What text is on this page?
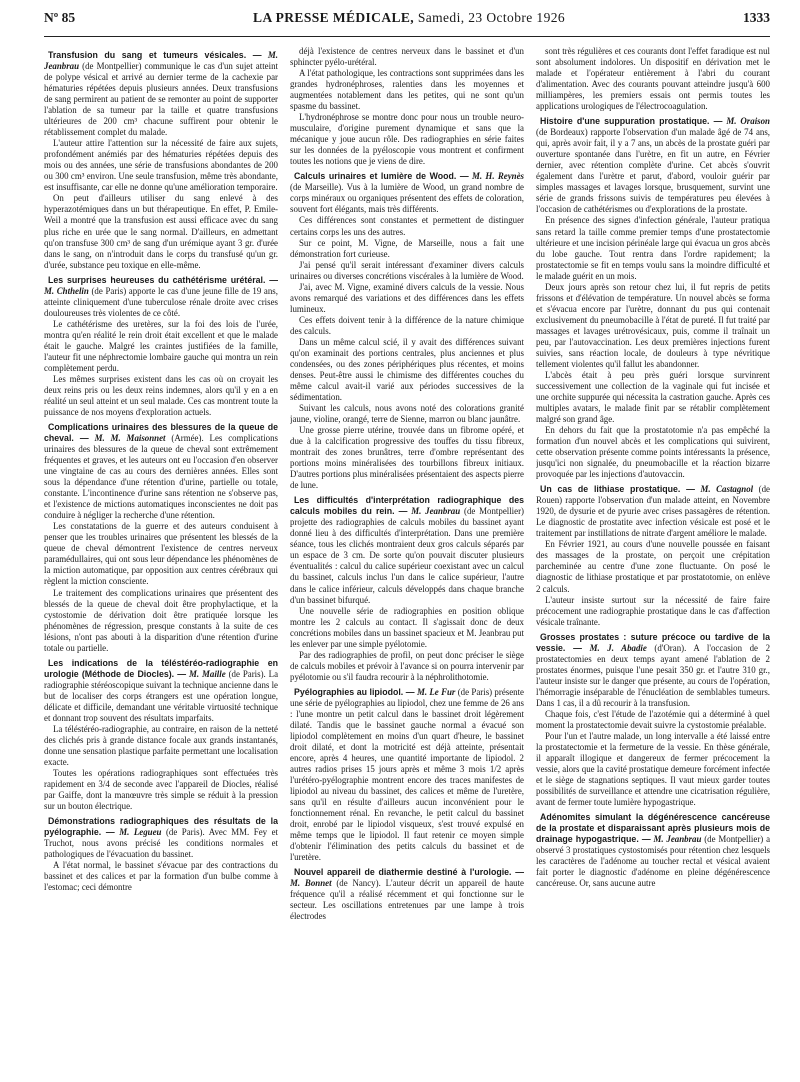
Nº 85	LA PRESSE MÉDICALE, Samedi, 23 Octobre 1926	1333

Transfusion du sang et tumeurs vésicales. — M. Jeanbrau (de Montpellier) communique le cas d'un sujet atteint de polype vésical et arrivé au dernier terme de la cachexie par hématuries répétées depuis plusieurs années. Deux transfusions de sang permirent au patient de se remonter au point de supporter l'ablation de sa tumeur par la taille et quatre transfusions ultérieures de 200 cm³ chacune suffirent pour obtenir le rétablissement complet du malade.

L'auteur attire l'attention sur la nécessité de faire aux sujets, profondément anémiés par des hématuries répétées depuis des mois ou des années, une série de transfusions abondantes de 200 ou 300 cm³ environ. Une seule transfusion, même très abondante, est insuffisante, car elle ne donne qu'une amélioration temporaire.

On peut d'ailleurs utiliser du sang enlevé à des hyperazotémiques dans un but thérapeutique. En effet, P. Emile-Weil a montré que la transfusion est aussi efficace avec du sang plus riche en urée que le sang normal. D'ailleurs, en admettant qu'on transfuse 300 cm³ de sang d'un urémique ayant 3 gr. d'urée dans le sang, on n'introduit dans le corps du transfusé qu'un gr. d'urée, substance peu toxique en elle-même.

Les surprises heureuses du cathétérisme urétéral. — M. Chthelin (de Paris) apporte le cas d'une jeune fille de 19 ans, atteinte cliniquement d'une tuberculose rénale droite avec crises douloureuses très violentes de ce côté.

Le cathétérisme des uretères, sur la foi des lois de l'urée, montra qu'en réalité le rein droit était excellent et que le malade était le gauche. Malgré les craintes justifiées de la famille, l'auteur fit une néphrectomie lombaire gauche qui montra un rein complètement perdu.

Les mêmes surprises existent dans les cas où on croyait les deux reins pris ou les deux reins indemnes, alors qu'il y en a en réalité un seul atteint et un seul malade. Ces cas montrent toute la puissance de nos moyens d'exploration actuels.

Complications urinaires des blessures de la queue de cheval. — M. M. Maisonnet (Armée). Les complications urinaires des blessures de la queue de cheval sont extrêmement fréquentes et graves, et les auteurs ont eu l'occasion d'en observer une vingtaine de cas au cours des dernières années. Elles sont sous la dépendance d'une rétention d'urine, partielle ou totale, constante. L'incontinence d'urine sans rétention ne s'observe pas, et l'existence de mictions automatiques inconscientes ne doit pas conduire à négliger la recherche d'une rétention.

Les constatations de la guerre et des auteurs conduisent à penser que les troubles urinaires que présentent les blessés de la queue de cheval démontrent l'existence de centres nerveux paramédullaires, qui ont sous leur dépendance les phénomènes de la miction automatique, par opposition aux centres cérébraux qui règlent la miction consciente.

Le traitement des complications urinaires que présentent des blessés de la queue de cheval doit être prophylactique, et la cystostomie de dérivation doit être pratiquée lorsque les phénomènes de régression, presque constants à la suite de ces lésions, n'ont pas abouti à la disparition d'une rétention d'urine totale ou partielle.

Les indications de la téléstéréo-radiographie en urologie (Méthode de Diocles). — M. Maille (de Paris). La radiographie stéréoscopique suivant la technique ancienne dans le but de localiser des corps étrangers est une opération longue, délicate et difficile, demandant une véritable virtuosité technique et donnant trop souvent des résultats imparfaits.

La téléstéréo-radiographie, au contraire, en raison de la netteté des clichés pris à grande distance focale aux grands instantanés, donne une sensation plastique parfaite permettant une localisation exacte.

Toutes les opérations radiographiques sont effectuées très rapidement en 3/4 de seconde avec l'appareil de Diocles, réalisé par Gaiffe, dont la manœuvre très simple se réduit à la pression sur un bouton électrique.

Démonstrations radiographiques des résultats de la pyélographie. — M. Legueu (de Paris). Avec MM. Fey et Truchot, nous avons précisé les conditions normales et pathologiques de l'évacuation du bassinet.

A l'état normal, le bassinet s'évacue par des contractions du bassinet et des calices et par la formation d'un bulbe comme à l'estomac; ceci démontre

déjà l'existence de centres nerveux dans le bassinet et d'un sphincter pyélo-urétéral.

A l'état pathologique, les contractions sont supprimées dans les grandes hydronéphroses, ralenties dans les moyennes et augmentées notablement dans les petites, qui ne sont qu'un spasme du bassinet.

L'hydronéphrose se montre donc pour nous un trouble neuro-musculaire, d'origine purement dynamique et sans que la mécanique y joue aucun rôle. Des radiographies en série faites sur les données de la pyéloscopie vous montrent et confirment toutes les notions que je viens de dire.

Calculs urinaires et lumière de Wood. — M. H. Reynès (de Marseille). Vus à la lumière de Wood, un grand nombre de corps minéraux ou organiques présentent des effets de coloration, souvent fort élégants, mais très différents.

Ces différences sont constantes et permettent de distinguer certains corps les uns des autres.

Sur ce point, M. Vigne, de Marseille, nous a fait une démonstration fort curieuse.

J'ai pensé qu'il serait intéressant d'examiner divers calculs urinaires ou diverses concrétions viscérales à la lumière de Wood.

J'ai, avec M. Vigne, examiné divers calculs de la vessie. Nous avons remarqué des variations et des différences dans les effets lumineux.

Ces effets doivent tenir à la différence de la nature chimique des calculs.

Dans un même calcul scié, il y avait des différences suivant qu'on examinait des portions centrales, plus anciennes et plus condensées, ou des zones périphériques plus récentes, et moins denses. Peut-être aussi le chimisme des différentes couches du même calcul avait-il varié aux périodes successives de la sédimentation.

Suivant les calculs, nous avons noté des colorations granité jaune, violine, orangé, terre de Sienne, marron ou blanc jaunâtre.

Une grosse pierre utérine, trouvée dans un fibrome opéré, et due à la calcification progressive des touffes du tissu fibreux, montrait des zones brunâtres, terre d'ombre représentant des portions moins minéralisées des tourbillons fibreux initiaux. D'autres portions plus minéralisées présentaient des aspects pierre de lune.

Les difficultés d'interprétation radiographique des calculs mobiles du rein. — M. Jeanbrau (de Montpellier) projette des radiographies de calculs mobiles du bassinet ayant donné lieu à des difficultés d'interprétation. Dans une première séance, tous les clichés montraient deux gros calculs séparés par un espace de 3 cm. De sorte qu'on pouvait discuter plusieurs éventualités : calcul du calice supérieur coexistant avec un calcul du bassinet, calculs inclus l'un dans le calice supérieur, l'autre dans le calice inférieur, calculs développés dans chaque branche d'un bassinet bifurqué.

Une nouvelle série de radiographies en position oblique montre les 2 calculs au contact. Il s'agissait donc de deux concrétions mobiles dans un bassinet spacieux et M. Jeanbrau put les enlever par une simple pyélotomie.

Par des radiographies de profil, on peut donc préciser le siège de calculs mobiles et prévoir à l'avance si on pourra intervenir par pyélotomie ou s'il faudra recourir à la néphrolithotomie.

Pyélographies au lipiodol. — M. Le Fur (de Paris) présente une série de pyélographies au lipiodol, chez une femme de 26 ans : l'une montre un petit calcul dans le bassinet droit légèrement dilaté. Tandis que le bassinet gauche normal a évacué son lipiodol complètement en moins d'un quart d'heure, le bassinet droit dilaté, et dont la motricité est déjà atteinte, présentait encore, après 4 heures, une quantité importante de lipiodol. 2 autres radios prises 15 jours après et même 3 mois 1/2 après l'urétéro-pyélographie montrent encore des traces manifestes de lipiodol au niveau du bassinet, des calices et même de l'uretère, sans qu'il en résulte d'ailleurs aucun inconvénient pour le fonctionnement rénal. En revanche, le petit calcul du bassinet droit, enrobé par le lipiodol visqueux, s'est trouvé expulsé en même temps que le lipiodol. Il faut retenir ce moyen simple d'obtenir l'élimination des petits calculs du bassinet et de l'uretère.

Nouvel appareil de diathermie destiné à l'urologie. — M. Bonnet (de Nancy). L'auteur décrit un appareil de haute fréquence qu'il a réalisé récemment et qui fonctionne sur le secteur. Les oscillations entretenues par une lampe à trois électrodes

sont très régulières et ces courants dont l'effet faradique est nul sont absolument indolores. Un dispositif en dérivation met le malade et l'opérateur entièrement à l'abri du courant d'alimentation. Avec des courants pouvant atteindre jusqu'à 600 milliampères, les premiers essais ont permis toutes les applications urologiques de l'électrocoagulation.

Histoire d'une suppuration prostatique. — M. Oraison (de Bordeaux) rapporte l'observation d'un malade âgé de 74 ans, qui, après avoir fait, il y a 7 ans, un abcès de la prostate guéri par ouverture spontanée dans l'urètre, en fit un autre, en Février dernier, avec rétention complète d'urine. Cet abcès s'ouvrit également dans l'urètre et parut, d'abord, vouloir guérir par simples massages et lavages lorsque, brusquement, survint une série de grands frissons suivis de températures peu élevées à l'occasion de cathétérismes ou d'explorations de la prostate.

En présence des signes d'infection générale, l'auteur pratiqua sans retard la taille comme premier temps d'une prostatectomie ultérieure et une incision périnéale large qui évacua un gros abcès du lobe gauche. Tout rentra dans l'ordre rapidement; la prostatectomie se fit en temps voulu sans la moindre difficulté et le malade guérit en un mois.

Deux jours après son retour chez lui, il fut repris de petits frissons et d'élévation de température. Un nouvel abcès se forma et s'évacua encore par l'urètre, donnant du pus qui contenait exclusivement du pneumobacille à l'état de pureté. Il fut traité par massages et lavages urétrovésicaux, puis, comme il traînait un peu, par l'autovaccination. Les deux premières injections furent suivies, sans réaction locale, de douleurs à type névritique tellement violentes qu'il fallut les abandonner.

L'abcès était à peu près guéri lorsque survinrent successivement une collection de la vaginale qui fut incisée et une orchite suppurée qui nécessita la castration gauche. Après ces multiples avatars, le malade finit par se rétablir complètement malgré son grand âge.

En dehors du fait que la prostatotomie n'a pas empêché la formation d'un nouvel abcès et les complications qui suivirent, cette observation présente comme points intéressants la présence, jusqu'ici non signalée, du pneumobacille et la réaction bizarre provoquée par les injections d'autovaccin.

Un cas de lithiase prostatique. — M. Castagnol (de Rouen) rapporte l'observation d'un malade atteint, en Novembre 1920, de dysurie et de pyurie avec crises passagères de rétention. Le diagnostic de prostatite avec infection vésicale est posé et le traitement par instillations de nitrate d'argent améliore le malade.

En Février 1921, au cours d'une nouvelle poussée en faisant des massages de la prostate, on perçoit une crépitation parcheminée au centre d'une zone fluctuante. On posé le diagnostic de lithiase prostatique et par prostatotomie, on enlève 2 calculs.

L'auteur insiste surtout sur la nécessité de faire faire précocement une radiographie prostatique dans le cas d'affection vésicale traînante.

Grosses prostates : suture précoce ou tardive de la vessie. — M. J. Abadie (d'Oran). A l'occasion de 2 prostatectomies en deux temps ayant amené l'ablation de 2 prostates énormes, puisque l'une pesait 350 gr. et l'autre 310 gr., l'auteur insiste sur le danger que présente, au cours de l'opération, l'hémorragie inséparable de l'énucléation de semblables tumeurs. Dans 1 cas, il a dû recourir à la transfusion.

Chaque fois, c'est l'étude de l'azotémie qui a déterminé à quel moment la prostatectomie devait suivre la cystostomie préalable.

Pour l'un et l'autre malade, un long intervalle a été laissé entre la prostatectomie et la fermeture de la vessie. En thèse générale, il apparaît illogique et dangereux de fermer précocement la vessie, alors que la cavité prostatique demeure forcément infectée et le siège de stagnations septiques. Il vaut mieux garder toutes possibilités de surveillance et attendre une cicatrisation régulière, avant de fermer toute lumière hypogastrique.

Adénomites simulant la dégénérescence cancéreuse de la prostate et disparaissant après plusieurs mois de drainage hypogastrique. — M. Jeanbrau (de Montpellier) a observé 3 prostatiques cystostomisés pour rétention chez lesquels les caractères de l'adénome au toucher rectal et vésical avaient fait porter le diagnostic d'adénome en pleine dégénérescence cancéreuse. Or, sans aucune autre
